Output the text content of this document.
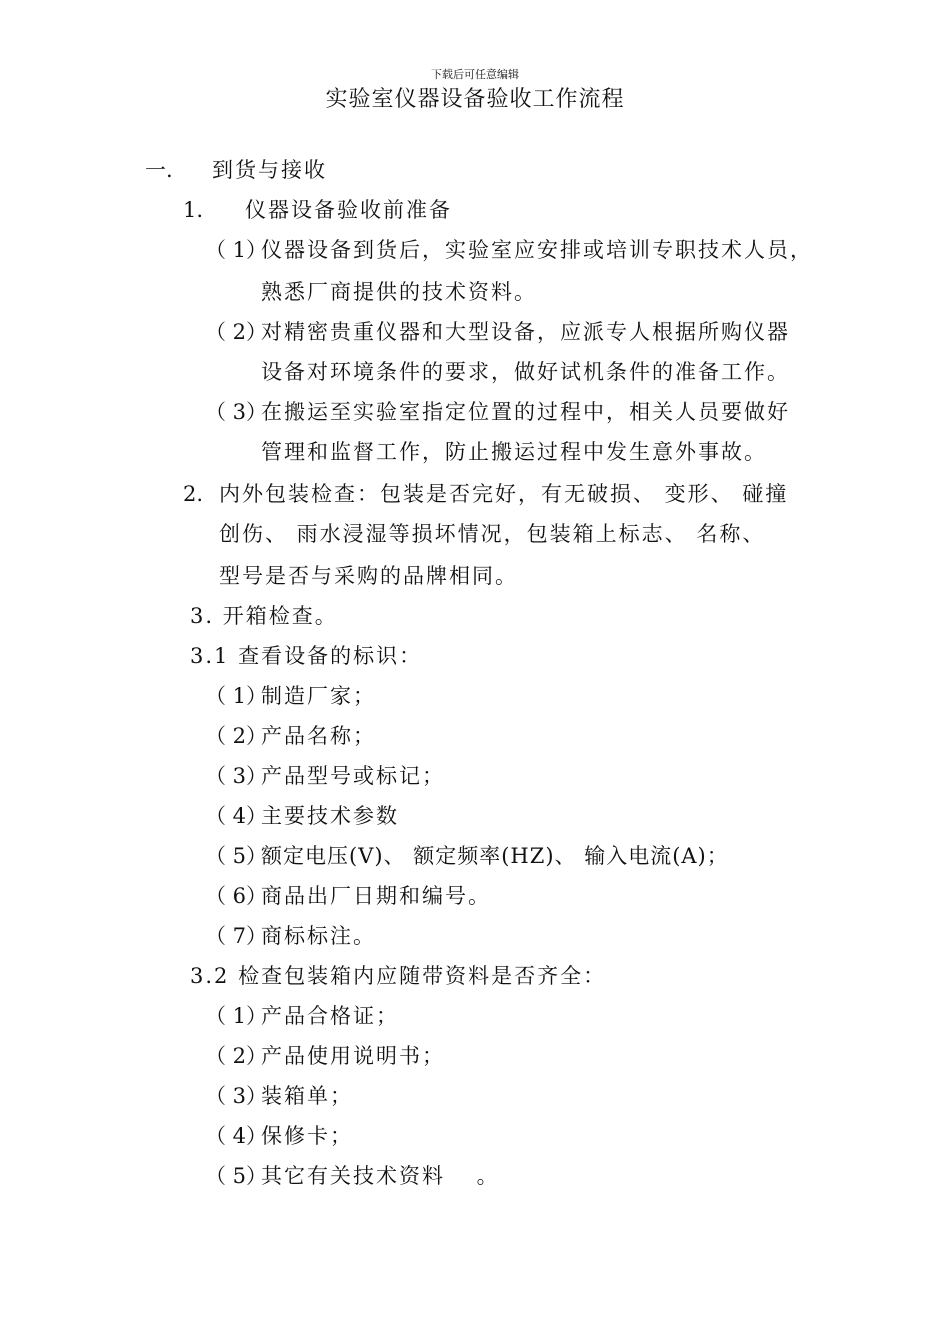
下载后可任意编辑
实验室仪器设备验收工作流程
一. 到货与接收
1. 仪器设备验收前准备
（ 1）
仪器设备到货后，实验室应安排或培训专职技术人员，
熟悉厂商提供的技术资料。
（ 2）
对精密贵重仪器和大型设备，应派专人根据所购仪器
设备对环境条件的要求，做好试机条件的准备工作。
（ 3）
在搬运至实验室指定位置的过程中，相关人员要做好
管理和监督工作，防止搬运过程中发生意外事故。
2. 内外包装检查：包装是否完好，有无破损、 变形、 碰撞
创伤、 雨水浸湿等损坏情况，包装箱上标志、 名称、
型号是否与采购的品牌相同。
3. 开箱检查。
3.1 查看设备的标识：
（ 1）
制造厂家；
（ 2）
产品名称；
（ 3）
产品型号或标记；
（ 4）
主要技术参数
（ 5）
额定电压(V)、 额定频率(HZ)、 输入电流(A)；
（ 6）
商品出厂日期和编号。
（ 7）
商标标注。
3.2 检查包装箱内应随带资料是否齐全：
（ 1）
产品合格证；
（ 2）
产品使用说明书；
（ 3）
装箱单；
（ 4）
保修卡；
（ 5）
其它有关技术资料　 。
